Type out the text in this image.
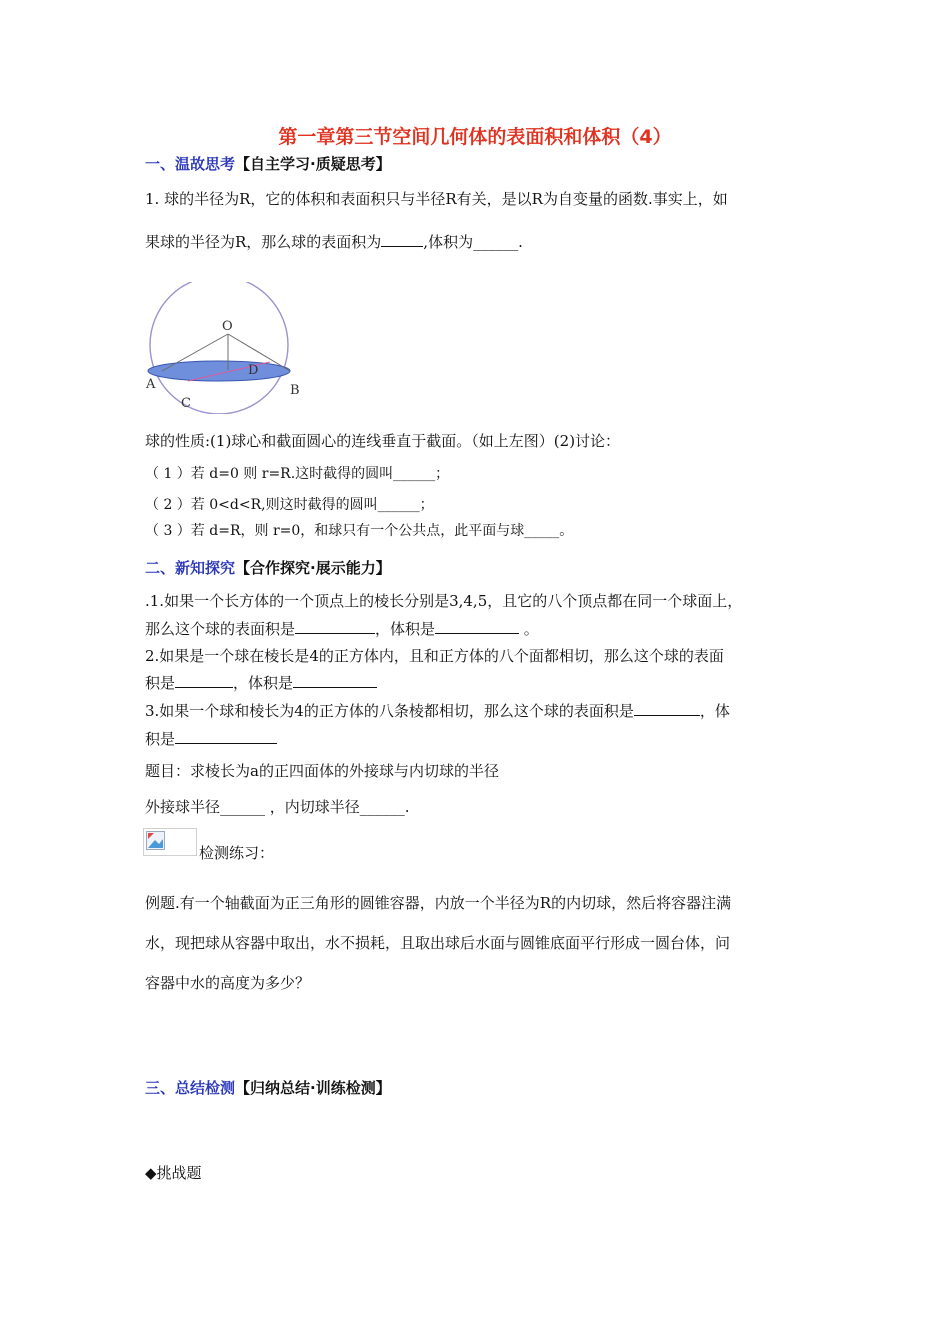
第一章第三节空间几何体的表面积和体积（4）
一、温故思考【自主学习·质疑思考】
1. 球的半径为R，它的体积和表面积只与半径R有关，是以R为自变量的函数.事实上，如
果球的半径为R，那么球的表面积为	,体积为______.
O
A	B
C
D
球的性质:(1)球心和截面圆心的连线垂直于截面。（如上左图）(2)讨论：
（ 1 ）若 d=0 则 r=R.这时截得的圆叫______；
（ 2 ）若 0<d<R,则这时截得的圆叫______；
（ 3 ）若 d=R，则 r=0，和球只有一个公共点，此平面与球_____。
二、新知探究【合作探究·展示能力】
.1.如果一个长方体的一个顶点上的棱长分别是3,4,5，且它的八个顶点都在同一个球面上，
那么这个球的表面积是	，体积是	。
2.如果是一个球在棱长是4的正方体内，且和正方体的八个面都相切，那么这个球的表面
积是	，体积是
3.如果一个球和棱长为4的正方体的八条棱都相切，那么这个球的表面积是	，体
积是
题目：求棱长为a的正四面体的外接球与内切球的半径
外接球半径______ ，内切球半径______.
检测练习：
例题.有一个轴截面为正三角形的圆锥容器，内放一个半径为R的内切球，然后将容器注满
水，现把球从容器中取出，水不损耗，且取出球后水面与圆锥底面平行形成一圆台体，问
容器中水的高度为多少？
三、总结检测【归纳总结·训练检测】
◆挑战题
